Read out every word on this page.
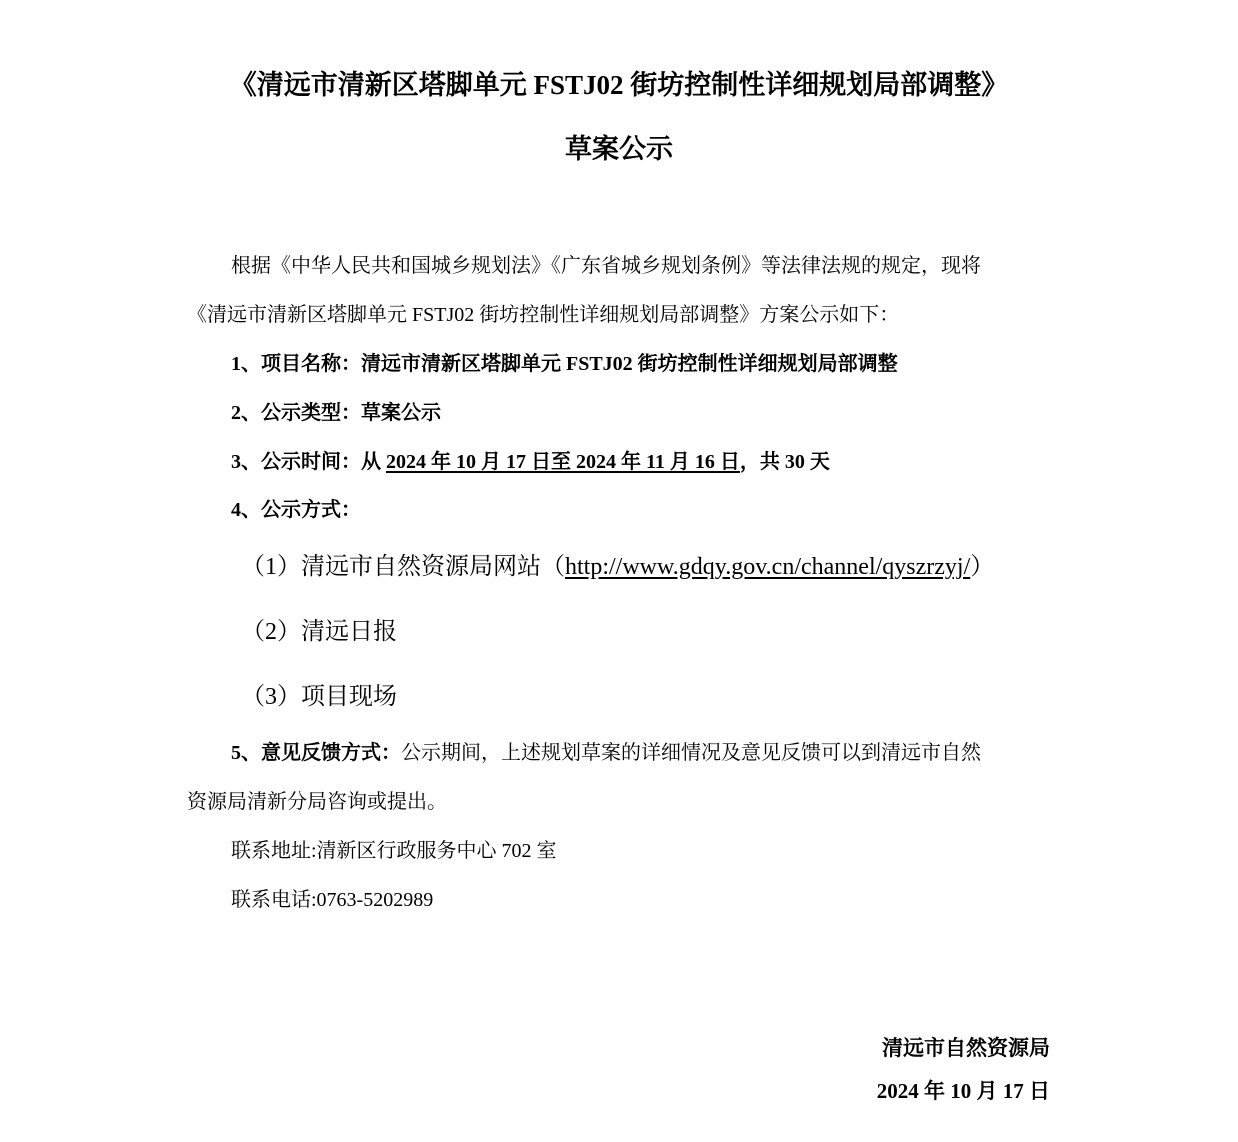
《清远市清新区塔脚单元 FSTJ02 街坊控制性详细规划局部调整》
草案公示
根据《中华人民共和国城乡规划法》《广东省城乡规划条例》等法律法规的规定，现将
《清远市清新区塔脚单元 FSTJ02 街坊控制性详细规划局部调整》方案公示如下：
1、项目名称：清远市清新区塔脚单元 FSTJ02 街坊控制性详细规划局部调整
2、公示类型：草案公示
3、公示时间：从 2024 年 10 月 17 日至 2024 年 11 月 16 日，共 30 天
4、公示方式：
（1）清远市自然资源局网站（http://www.gdqy.gov.cn/channel/qyszrzyj/）
（2）清远日报
（3）项目现场
5、意见反馈方式：公示期间，上述规划草案的详细情况及意见反馈可以到清远市自然
资源局清新分局咨询或提出。
联系地址:清新区行政服务中心 702 室
联系电话:0763-5202989
清远市自然资源局
2024 年 10 月 17 日
